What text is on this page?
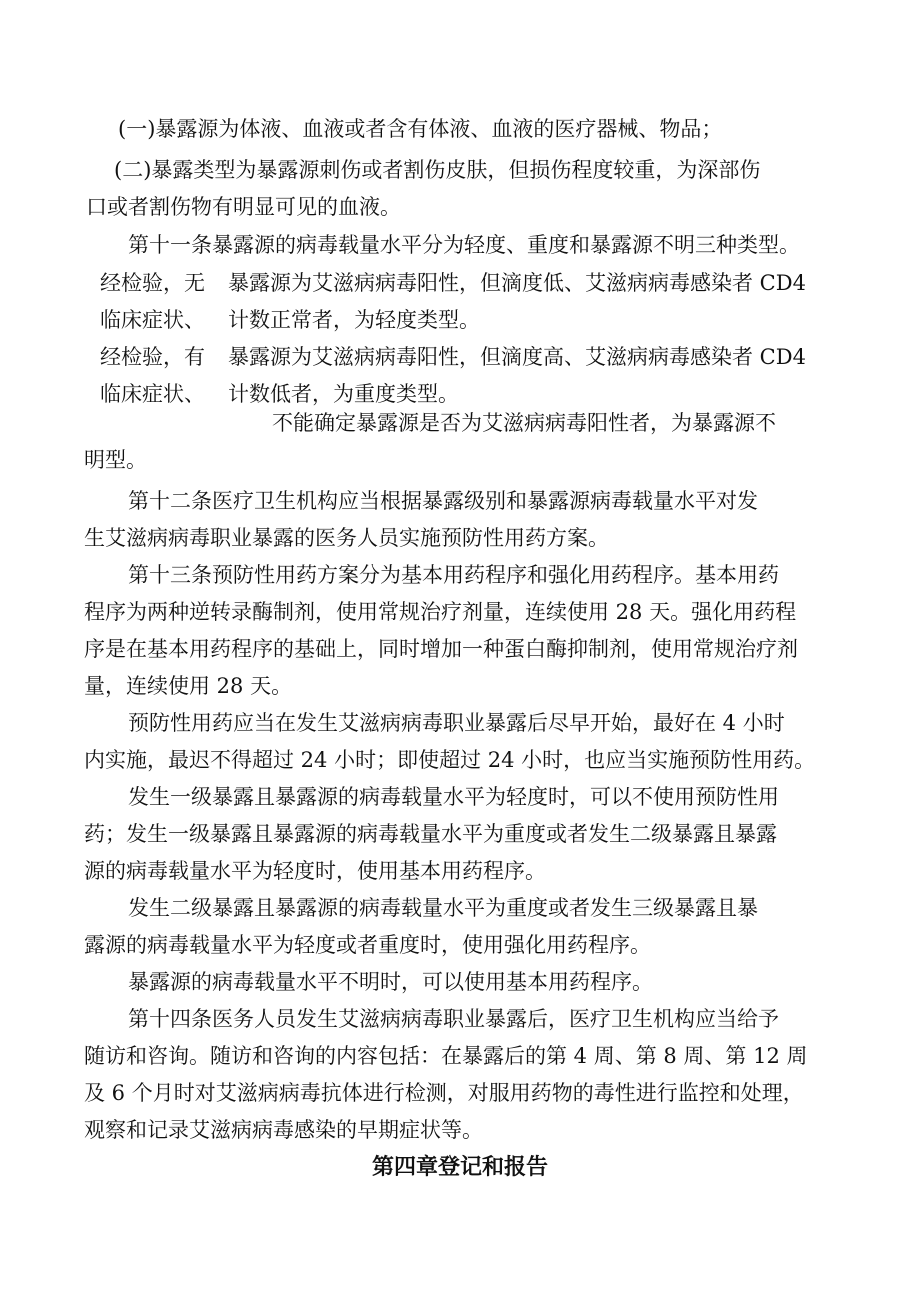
(一)暴露源为体液、血液或者含有体液、血液的医疗器械、物品；
(二)暴露类型为暴露源刺伤或者割伤皮肤，但损伤程度较重，为深部伤
口或者割伤物有明显可见的血液。
第十一条暴露源的病毒载量水平分为轻度、重度和暴露源不明三种类型。
经检验，无
临床症状、
暴露源为艾滋病病毒阳性，但滴度低、艾滋病病毒感染者 CD4
计数正常者，为轻度类型。
经检验，有
临床症状、
暴露源为艾滋病病毒阳性，但滴度高、艾滋病病毒感染者 CD4
计数低者，为重度类型。
不能确定暴露源是否为艾滋病病毒阳性者，为暴露源不
明型。
第十二条医疗卫生机构应当根据暴露级别和暴露源病毒载量水平对发
生艾滋病病毒职业暴露的医务人员实施预防性用药方案。
第十三条预防性用药方案分为基本用药程序和强化用药程序。基本用药
程序为两种逆转录酶制剂，使用常规治疗剂量，连续使用 28 天。强化用药程
序是在基本用药程序的基础上，同时增加一种蛋白酶抑制剂，使用常规治疗剂
量，连续使用 28 天。
预防性用药应当在发生艾滋病病毒职业暴露后尽早开始，最好在 4 小时
内实施，最迟不得超过 24 小时；即使超过 24 小时，也应当实施预防性用药。
发生一级暴露且暴露源的病毒载量水平为轻度时，可以不使用预防性用
药；发生一级暴露且暴露源的病毒载量水平为重度或者发生二级暴露且暴露
源的病毒载量水平为轻度时，使用基本用药程序。
发生二级暴露且暴露源的病毒载量水平为重度或者发生三级暴露且暴
露源的病毒载量水平为轻度或者重度时，使用强化用药程序。
暴露源的病毒载量水平不明时，可以使用基本用药程序。
第十四条医务人员发生艾滋病病毒职业暴露后，医疗卫生机构应当给予
随访和咨询。随访和咨询的内容包括：在暴露后的第 4 周、第 8 周、第 12 周
及 6 个月时对艾滋病病毒抗体进行检测，对服用药物的毒性进行监控和处理，
观察和记录艾滋病病毒感染的早期症状等。
第四章登记和报告
